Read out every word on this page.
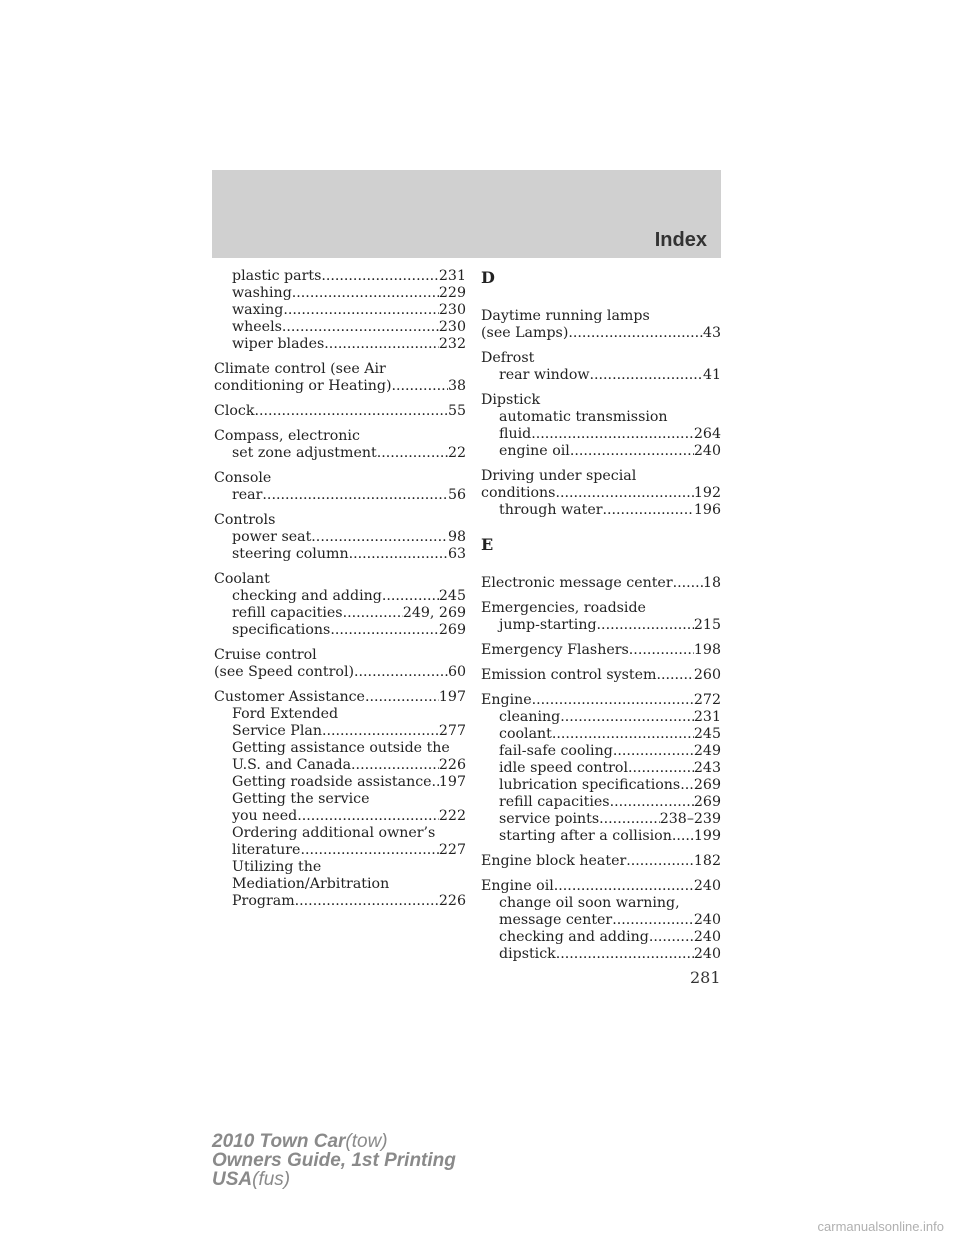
Index
plastic parts .....	231
washing .....	229
waxing .....	230
wheels .....	230
wiper blades .....	232
Climate control (see Air
conditioning or Heating) .....	38
Clock .....	55
Compass, electronic
set zone adjustment .....	22
Console
rear .....	56
Controls
power seat .....	98
steering column .....	63
Coolant
checking and adding .....	245
refill capacities .....	249, 269
specifications .....	269
Cruise control
(see Speed control) .....	60
Customer Assistance .....	197
Ford Extended
Service Plan .....	277
Getting assistance outside the
U.S. and Canada .....	226
Getting roadside assistance ..... 197
Getting the service
you need .....	222
Ordering additional owner’s
literature .....	227
Utilizing the
Mediation/Arbitration
Program .....	226
D
Daytime running lamps
(see Lamps) .....	43
Defrost
rear window .....	41
Dipstick
automatic transmission
fluid .....	264
engine oil .....	240
Driving under special
conditions .....	192
through water .....	196
E
Electronic message center ..... 18
Emergencies, roadside
jump-starting .....	215
Emergency Flashers .....	198
Emission control system .....	260
Engine .....	272
cleaning .....	231
coolant .....	245
fail-safe cooling .....	249
idle speed control .....	243
lubrication specifications ..... 269
refill capacities .....	269
service points .....	238–239
starting after a collision ..... 199
Engine block heater .....	182
Engine oil .....	240
change oil soon warning,
message center .....	240
checking and adding .....	240
dipstick .....	240
281
2010 Town Car(tow)
Owners Guide, 1st Printing
USA(fus)
carmanualsonline.info
